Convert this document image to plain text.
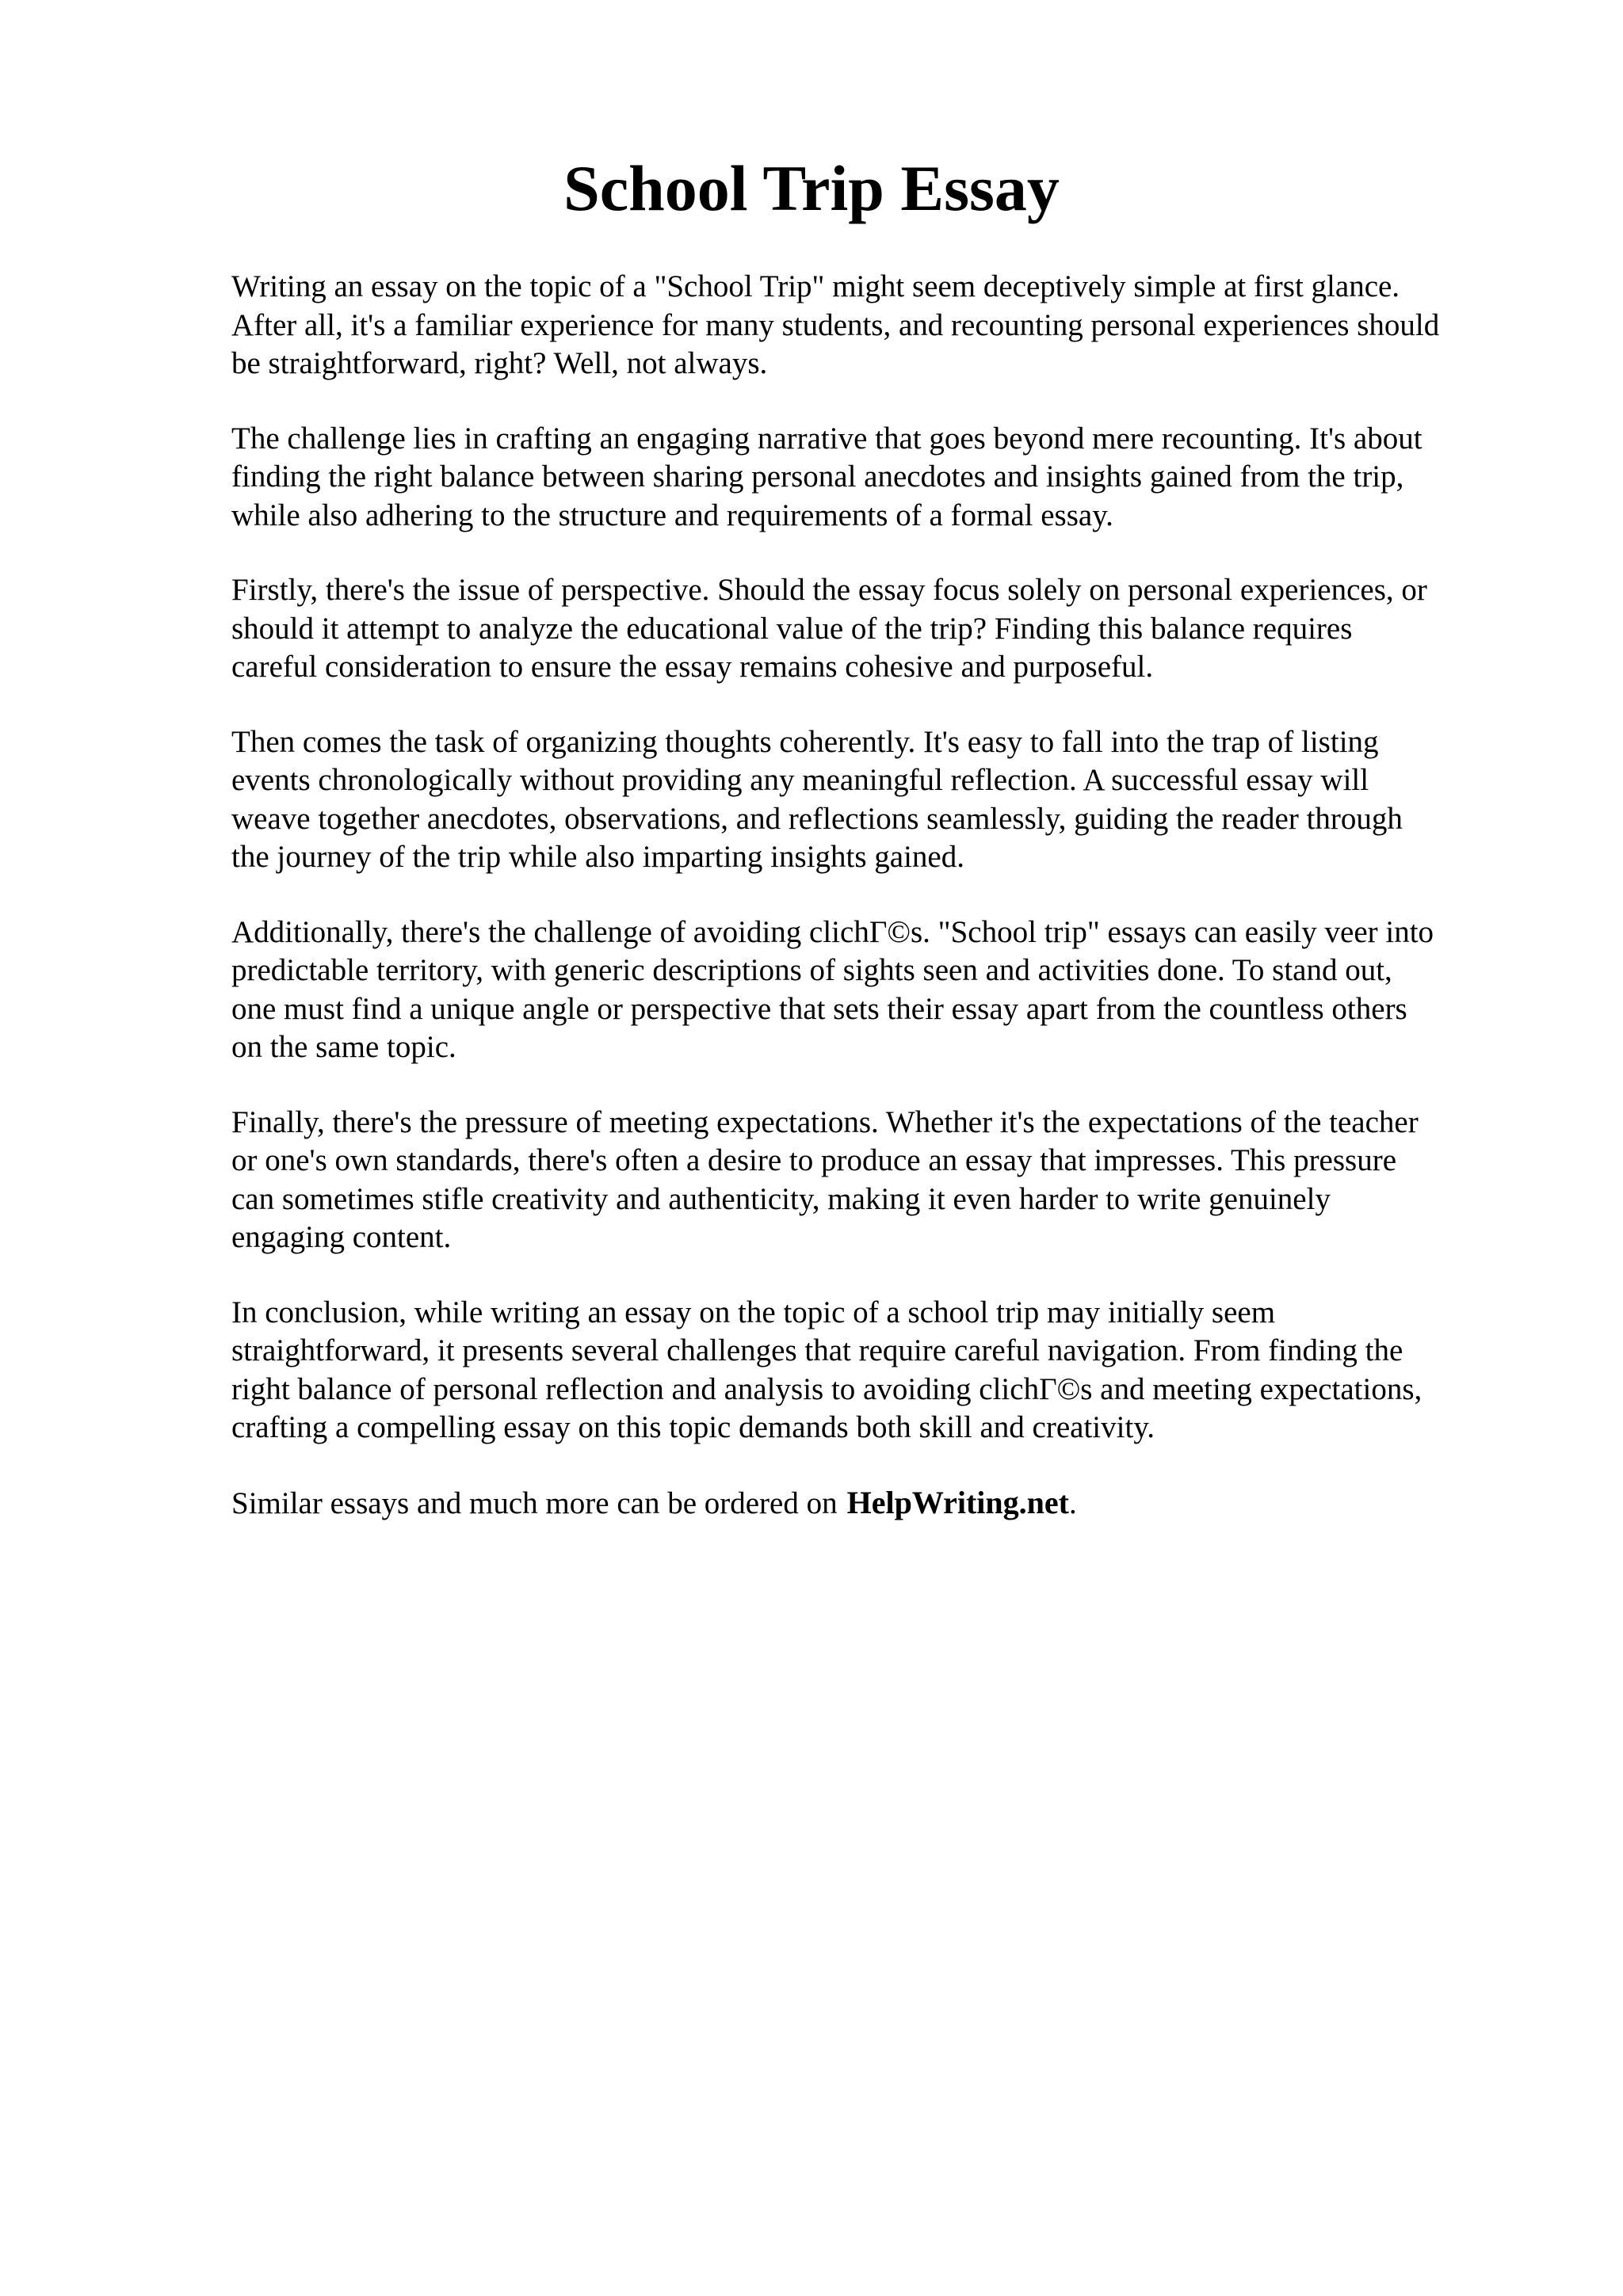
School Trip Essay

Writing an essay on the topic of a "School Trip" might seem deceptively simple at first glance.
After all, it's a familiar experience for many students, and recounting personal experiences should
be straightforward, right? Well, not always.

The challenge lies in crafting an engaging narrative that goes beyond mere recounting. It's about
finding the right balance between sharing personal anecdotes and insights gained from the trip,
while also adhering to the structure and requirements of a formal essay.

Firstly, there's the issue of perspective. Should the essay focus solely on personal experiences, or
should it attempt to analyze the educational value of the trip? Finding this balance requires
careful consideration to ensure the essay remains cohesive and purposeful.

Then comes the task of organizing thoughts coherently. It's easy to fall into the trap of listing
events chronologically without providing any meaningful reflection. A successful essay will
weave together anecdotes, observations, and reflections seamlessly, guiding the reader through
the journey of the trip while also imparting insights gained.

Additionally, there's the challenge of avoiding clichΓ©s. "School trip" essays can easily veer into
predictable territory, with generic descriptions of sights seen and activities done. To stand out,
one must find a unique angle or perspective that sets their essay apart from the countless others
on the same topic.

Finally, there's the pressure of meeting expectations. Whether it's the expectations of the teacher
or one's own standards, there's often a desire to produce an essay that impresses. This pressure
can sometimes stifle creativity and authenticity, making it even harder to write genuinely
engaging content.

In conclusion, while writing an essay on the topic of a school trip may initially seem
straightforward, it presents several challenges that require careful navigation. From finding the
right balance of personal reflection and analysis to avoiding clichΓ©s and meeting expectations,
crafting a compelling essay on this topic demands both skill and creativity.

Similar essays and much more can be ordered on HelpWriting.net.
